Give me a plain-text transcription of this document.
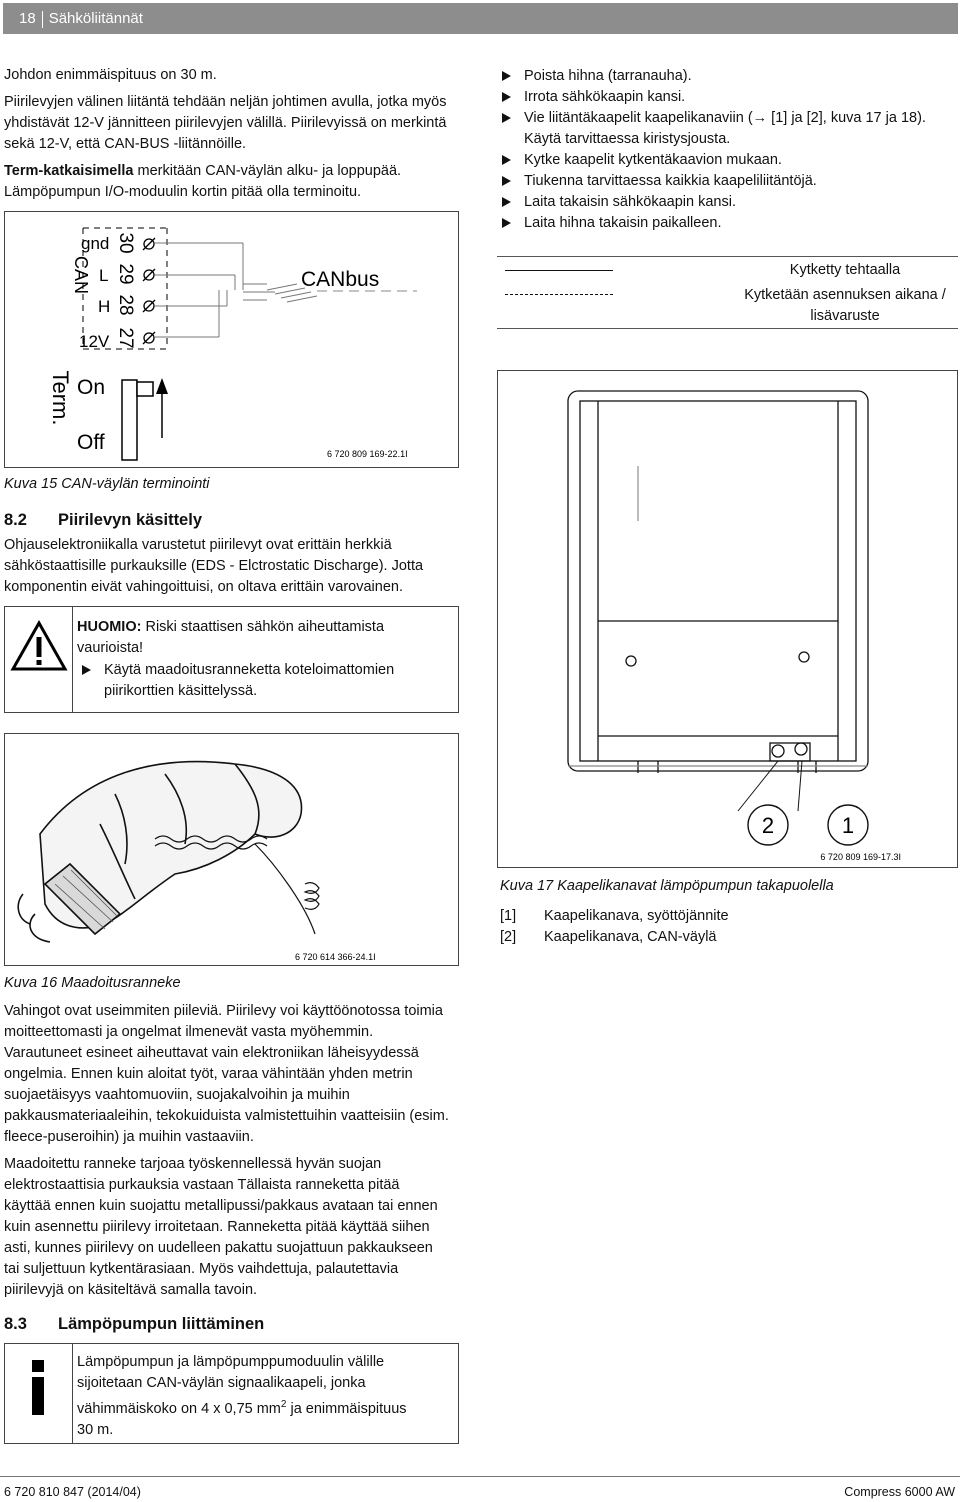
18 Sähköliitännät

Johdon enimmäispituus on 30 m.

Piirilevyjen välinen liitäntä tehdään neljän johtimen avulla, jotka myös

yhdistävät 12-V jännitteen piirilevyjen välillä. Piirilevyissä on merkintä

sekä 12-V, että CAN-BUS -liitännöille.

Term-katkaisimella merkitään CAN-väylän alku- ja loppupää.

Lämpöpumpun I/O-moduulin kortin pitää olla terminoitu.

CAN
gnd
L
H
12V
30
29
28
27
CANbus
Term. On
Off	6 720 809 169-22.1I
Kuva 15 CAN-väylän terminointi
Poista hihna (tarranauha).
Irrota sähkökaapin kansi.
Vie liitäntäkaapelit kaapelikanaviin (→ [1] ja [2], kuva 17 ja 18). Käytä tarvittaessa kiristysjousta.
Kytke kaapelit kytkentäkaavion mukaan.
Tiukenna tarvittaessa kaikkia kaapeliliitäntöjä.
Laita takaisin sähkökaapin kansi.
Laita hihna takaisin paikalleen.
Kytketty tehtaalla
Kytketään asennuksen aikana / lisävaruste
8.2 Piirilevyn käsittely
Ohjauselektroniikalla varustetut piirilevyt ovat erittäin herkkiä sähköstaattisille purkauksille (EDS - Elctrostatic Discharge). Jotta komponentin eivät vahingoittuisi, on oltava erittäin varovainen.
HUOMIO: Riski staattisen sähkön aiheuttamista vaurioista!
Käytä maadoitusranneketta koteloimattomien piirikorttien käsittelyssä.
6 720 614 366-24.1I
Kuva 16 Maadoitusranneke
2	1
6 720 809 169-17.3I
Kuva 17 Kaapelikanavat lämpöpumpun takapuolella
[1] Kaapelikanava, syöttöjännite
[2] Kaapelikanava, CAN-väylä

Vahingot ovat useimmiten piileviä. Piirilevy voi käyttöönotossa toimia moitteettomasti ja ongelmat ilmenevät vasta myöhemmin. Varautuneet esineet aiheuttavat vain elektroniikan läheisyydessä ongelmia. Ennen kuin aloitat työt, varaa vähintään yhden metrin suojaetäisyys vaahtomuoviin, suojakalvoihin ja muihin pakkausmateriaaleihin, tekokuiduista valmistettuihin vaatteisiin (esim. fleece-puseroihin) ja muihin vastaaviin.

Maadoitettu ranneke tarjoaa työskennellessä hyvän suojan elektrostaattisia purkauksia vastaan Tällaista ranneketta pitää käyttää ennen kuin suojattu metallipussi/pakkaus avataan tai ennen kuin asennettu piirilevy irroitetaan. Ranneketta pitää käyttää siihen asti, kunnes piirilevy on uudelleen pakattu suojattuun pakkaukseen tai suljettuun kytkentärasiaan. Myös vaihdettuja, palautettavia piirilevyjä on käsiteltävä samalla tavoin.

8.3 Lämpöpumpun liittäminen
Lämpöpumpun ja lämpöpumppumoduulin välille
sijoitetaan CAN-väylän signaalikaapeli, jonka
vähimmäiskoko on 4 x 0,75 $mm^2$ ja enimmäispituus
30 m.
6 720 810 847 (2014/04)	Compress 6000 AW
